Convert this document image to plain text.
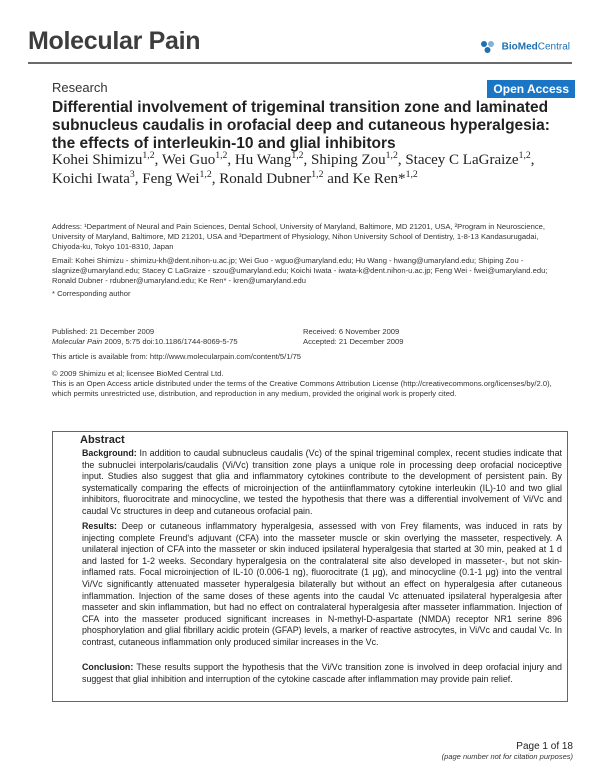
Molecular Pain	BioMedCentral
Research	Open Access
Differential involvement of trigeminal transition zone and laminated subnucleus caudalis in orofacial deep and cutaneous hyperalgesia: the effects of interleukin-10 and glial inhibitors
Kohei Shimizu$^{1,2}$, Wei Guo$^{1,2}$, Hu Wang$^{1,2}$, Shiping Zou$^{1,2}$, Stacey C LaGraize$^{1,2}$, Koichi Iwata$^3$, Feng Wei$^{1,2}$, Ronald Dubner$^{1,2}$ and Ke Ren*$^{1,2}$
Address: ¹Department of Neural and Pain Sciences, Dental School, University of Maryland, Baltimore, MD 21201, USA, ²Program in Neuroscience, University of Maryland, Baltimore, MD 21201, USA and ³Department of Physiology, Nihon University School of Dentistry, 1-8-13 Kandasurugadai, Chiyoda-ku, Tokyo 101-8310, Japan
Email: Kohei Shimizu - shimizu-kh@dent.nihon-u.ac.jp; Wei Guo - wguo@umaryland.edu; Hu Wang - hwang@umaryland.edu; Shiping Zou - slagnize@umaryland.edu; Stacey C LaGraize - szou@umaryland.edu; Koichi Iwata - iwata-k@dent.nihon-u.ac.jp; Feng Wei - fwei@umaryland.edu; Ronald Dubner - rdubner@umaryland.edu; Ke Ren* - kren@umaryland.edu
* Corresponding author
Published: 21 December 2009
Molecular Pain 2009, 5:75 doi:10.1186/1744-8069-5-75
Received: 6 November 2009
Accepted: 21 December 2009
This article is available from: http://www.molecularpain.com/content/5/1/75
© 2009 Shimizu et al; licensee BioMed Central Ltd.
This is an Open Access article distributed under the terms of the Creative Commons Attribution License (http://creativecommons.org/licenses/by/2.0), which permits unrestricted use, distribution, and reproduction in any medium, provided the original work is properly cited.
Abstract
Background: In addition to caudal subnucleus caudalis (Vc) of the spinal trigeminal complex, recent studies indicate that the subnuclei interpolaris/caudalis (Vi/Vc) transition zone plays a unique role in processing deep orofacial nociceptive input. Studies also suggest that glia and inflammatory cytokines contribute to the development of persistent pain. By systematically comparing the effects of microinjection of the antiinflammatory cytokine interleukin (IL)-10 and two glial inhibitors, fluorocitrate and minocycline, we tested the hypothesis that there was a differential involvement of Vi/Vc and caudal Vc structures in deep and cutaneous orofacial pain.
Results: Deep or cutaneous inflammatory hyperalgesia, assessed with von Frey filaments, was induced in rats by injecting complete Freund's adjuvant (CFA) into the masseter muscle or skin overlying the masseter, respectively. A unilateral injection of CFA into the masseter or skin induced ipsilateral hyperalgesia that started at 30 min, peaked at 1 d and lasted for 1-2 weeks. Secondary hyperalgesia on the contralateral site also developed in masseter-, but not skin-inflamed rats. Focal microinjection of IL-10 (0.006-1 ng), fluorocitrate (1 μg), and minocycline (0.1-1 μg) into the ventral Vi/Vc significantly attenuated masseter hyperalgesia bilaterally but without an effect on hyperalgesia after cutaneous inflammation. Injection of the same doses of these agents into the caudal Vc attenuated ipsilateral hyperalgesia after masseter and skin inflammation, but had no effect on contralateral hyperalgesia after masseter inflammation. Injection of CFA into the masseter produced significant increases in N-methyl-D-aspartate (NMDA) receptor NR1 serine 896 phosphorylation and glial fibrillary acidic protein (GFAP) levels, a marker of reactive astrocytes, in Vi/Vc and caudal Vc. In contrast, cutaneous inflammation only produced similar increases in the Vc.
Conclusion: These results support the hypothesis that the Vi/Vc transition zone is involved in deep orofacial injury and suggest that glial inhibition and interruption of the cytokine cascade after inflammation may provide pain relief.
Page 1 of 18
(page number not for citation purposes)
